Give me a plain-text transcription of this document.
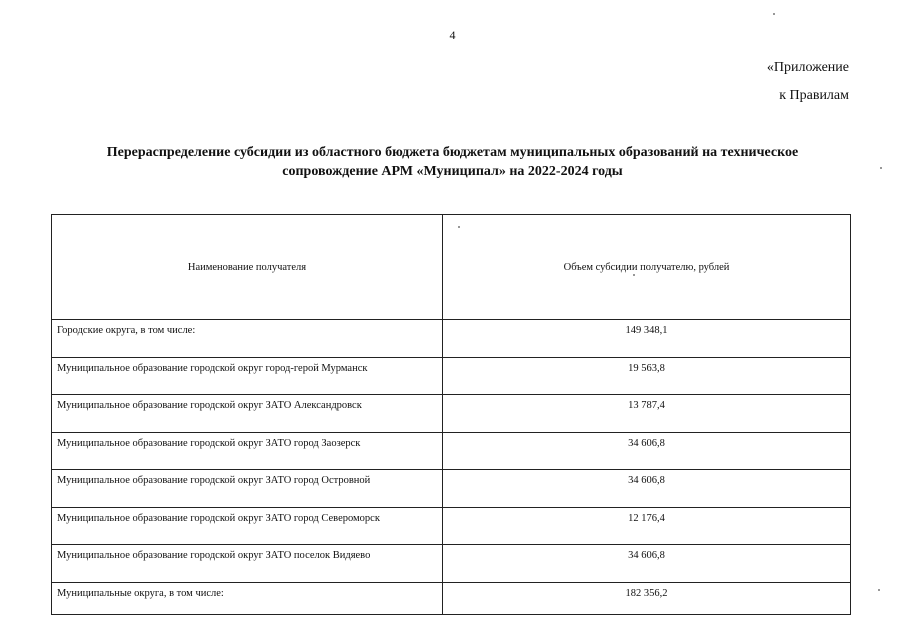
4
«Приложение
к Правилам
Перераспределение субсидии из областного бюджета бюджетам муниципальных образований на техническое сопровождение АРМ «Муниципал» на 2022-2024 годы
Наименование получателя	Объем субсидии получателю, рублей
Городские округа, в том числе:	149 348,1
Муниципальное образование городской округ город-герой Мурманск	19 563,8
Муниципальное образование городской округ ЗАТО Александровск	13 787,4
Муниципальное образование городской округ ЗАТО город Заозерск	34 606,8
Муниципальное образование городской округ ЗАТО город Островной	34 606,8
Муниципальное образование городской округ ЗАТО город Североморск	12 176,4
Муниципальное образование городской округ ЗАТО поселок Видяево	34 606,8
Муниципальные округа, в том числе:	182 356,2
